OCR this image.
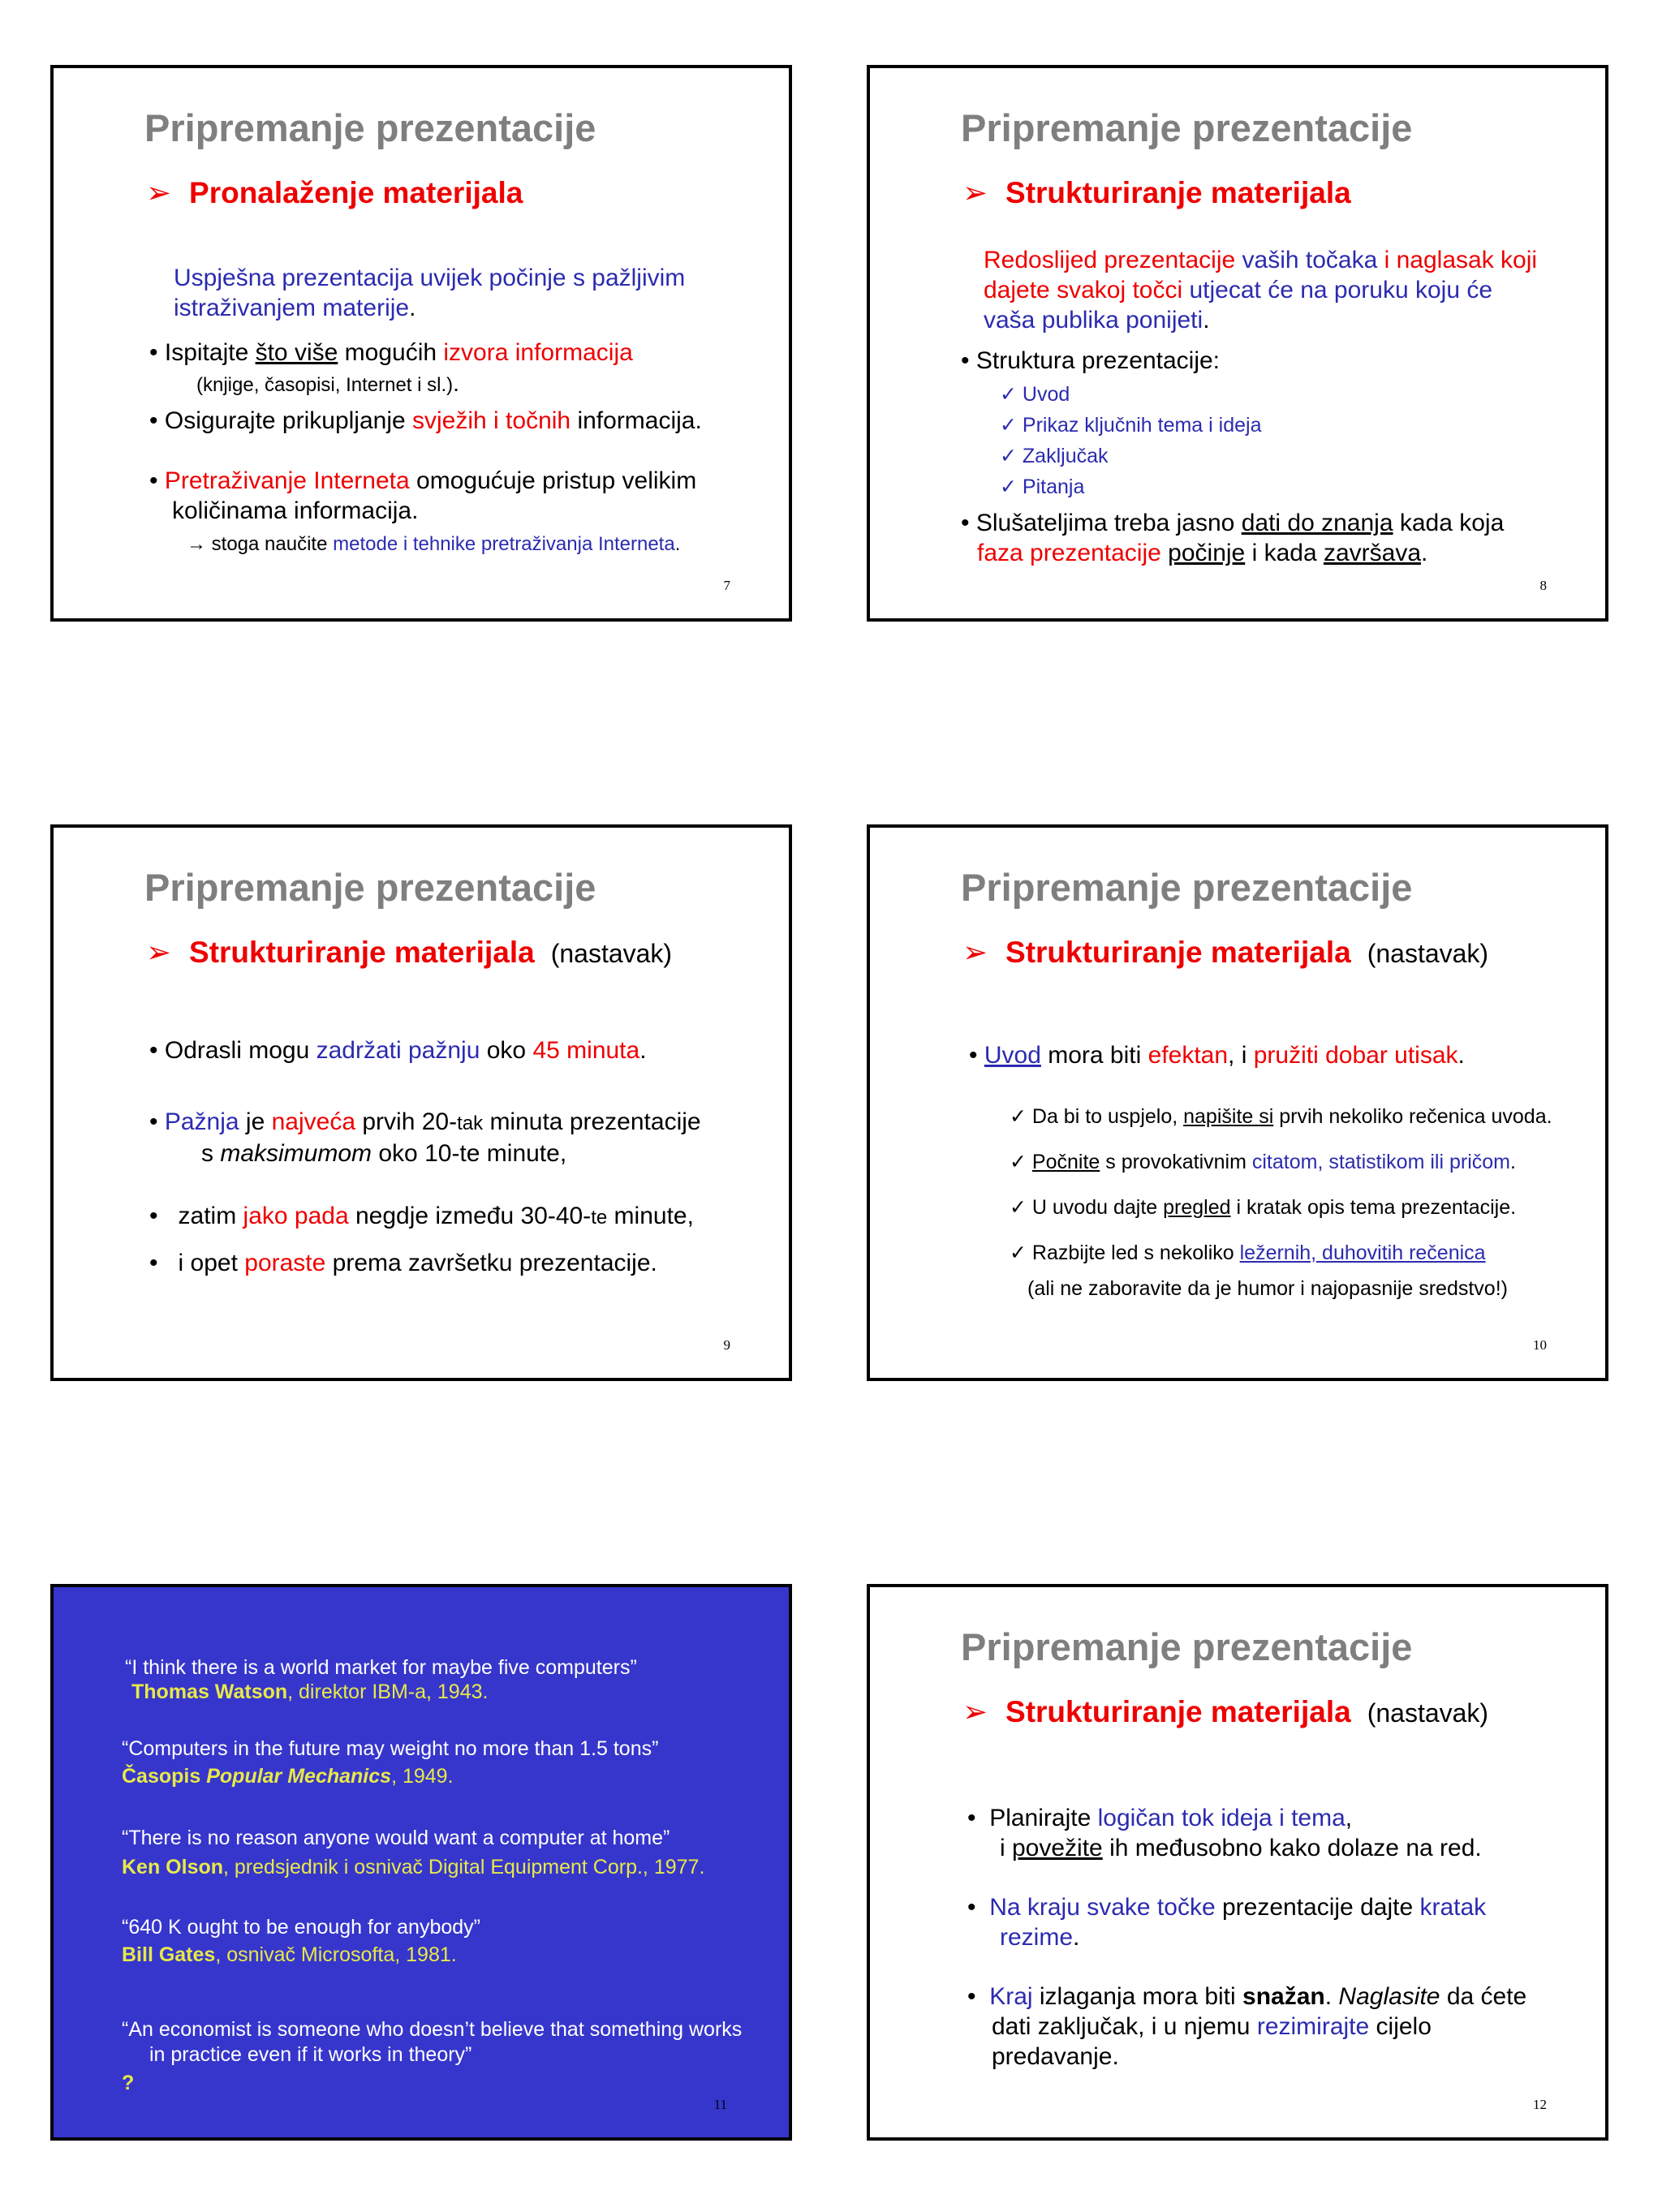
Pripremanje prezentacije
➢ Pronalaženje materijala
Uspješna prezentacija uvijek počinje s pažljivim
istraživanjem materije.
• Ispitajte što više mogućih izvora informacija
(knjige, časopisi, Internet i sl.).
• Osigurajte prikupljanje svježih i točnih informacija.
• Pretraživanje Interneta omogućuje pristup velikim
količinama informacija.
→ stoga naučite metode i tehnike pretraživanja Interneta.
7
Pripremanje prezentacije
➢ Strukturiranje materijala
Redoslijed prezentacije vaših točaka i naglasak koji
dajete svakoj točci utjecat će na poruku koju će
vaša publika ponijeti.
• Struktura prezentacije:
✓ Uvod
✓ Prikaz ključnih tema i ideja
✓ Zaključak
✓ Pitanja
• Slušateljima treba jasno dati do znanja kada koja
faza prezentacije počinje i kada završava.
8
Pripremanje prezentacije
➢ Strukturiranje materijala (nastavak)
• Odrasli mogu zadržati pažnju oko 45 minuta.
• Pažnja je najveća prvih 20-tak minuta prezentacije
s maksimumom oko 10-te minute,
• zatim jako pada negdje između 30-40-te minute,
• i opet poraste prema završetku prezentacije.
9
Pripremanje prezentacije
➢ Strukturiranje materijala (nastavak)
• Uvod mora biti efektan, i pružiti dobar utisak.
✓ Da bi to uspjelo, napišite si prvih nekoliko rečenica uvoda.
✓ Počnite s provokativnim citatom, statistikom ili pričom.
✓ U uvodu dajte pregled i kratak opis tema prezentacije.
✓ Razbijte led s nekoliko ležernih, duhovitih rečenica
(ali ne zaboravite da je humor i najopasnije sredstvo!)
10
“I think there is a world market for maybe five computers”
Thomas Watson, direktor IBM-a, 1943.
“Computers in the future may weight no more than 1.5 tons”
Časopis Popular Mechanics, 1949.
“There is no reason anyone would want a computer at home”
Ken Olson, predsjednik i osnivač Digital Equipment Corp., 1977.
“640 K ought to be enough for anybody”
Bill Gates, osnivač Microsofta, 1981.
“An economist is someone who doesn’t believe that something works
in practice even if it works in theory”
?
11
Pripremanje prezentacije
➢ Strukturiranje materijala (nastavak)
• Planirajte logičan tok ideja i tema,
i povežite ih međusobno kako dolaze na red.
• Na kraju svake točke prezentacije dajte kratak
rezime.
• Kraj izlaganja mora biti snažan. Naglasite da ćete
dati zaključak, i u njemu rezimirajte cijelo
predavanje.
12
